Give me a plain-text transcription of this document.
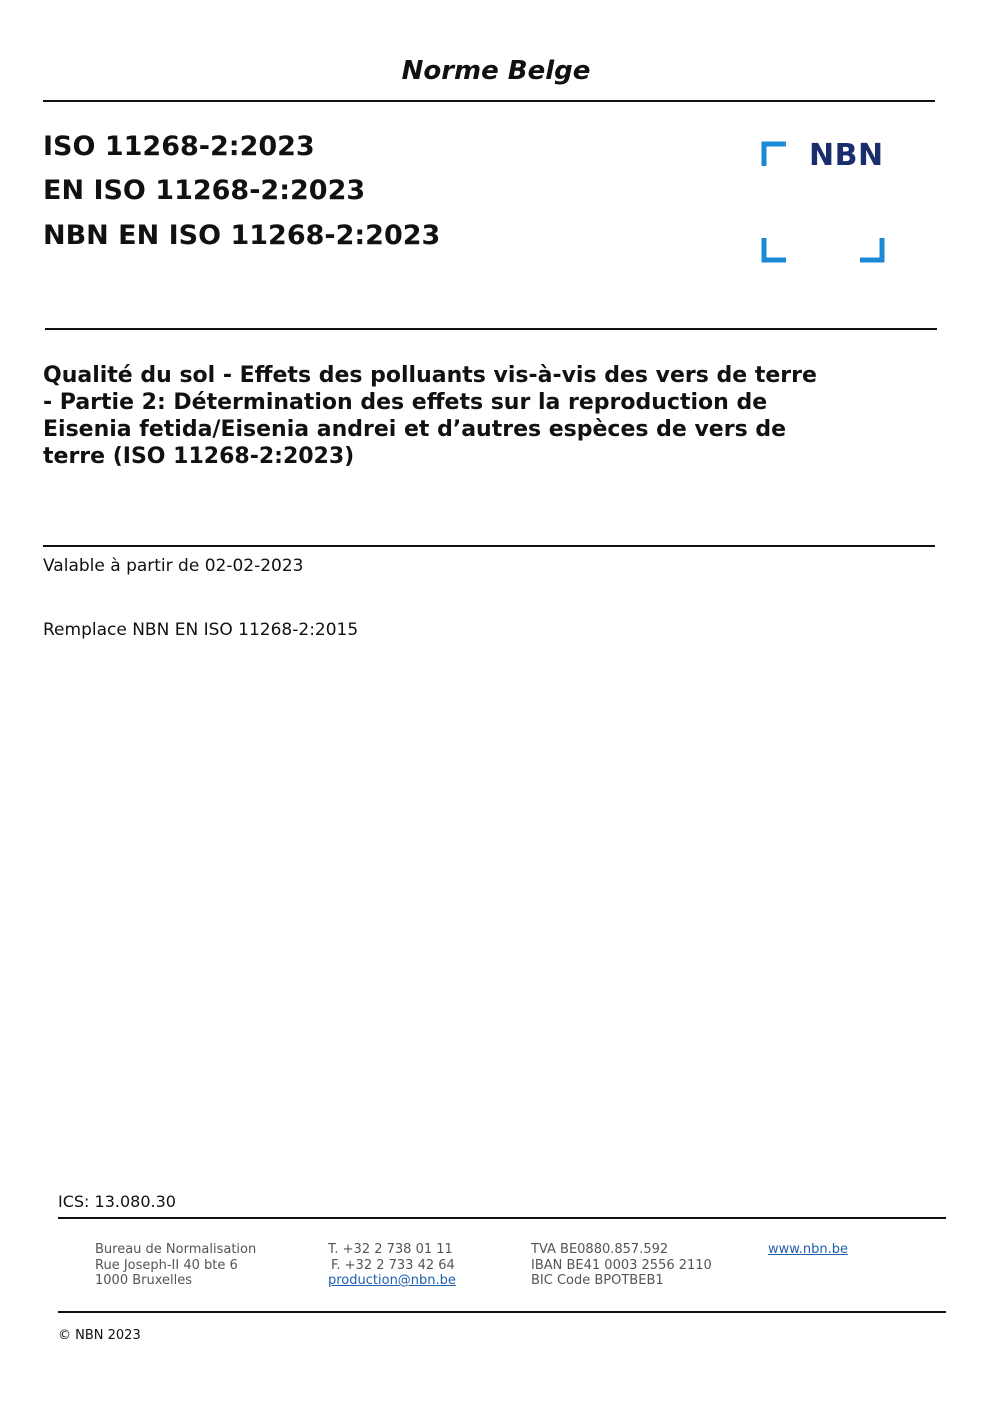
Norme Belge
ISO 11268-2:2023
EN ISO 11268-2:2023
NBN EN ISO 11268-2:2023
NBN
Qualité du sol - Effets des polluants vis-à-vis des vers de terre
- Partie 2: Détermination des effets sur la reproduction de
Eisenia fetida/Eisenia andrei et d’autres espèces de vers de
terre (ISO 11268-2:2023)
Valable à partir de 02-02-2023
Remplace NBN EN ISO 11268-2:2015
ICS: 13.080.30
Bureau de Normalisation
Rue Joseph-II 40 bte 6
1000 Bruxelles
T. +32 2 738 01 11
F. +32 2 733 42 64
production@nbn.be
TVA BE0880.857.592
IBAN BE41 0003 2556 2110
BIC Code BPOTBEB1
www.nbn.be
© NBN 2023
